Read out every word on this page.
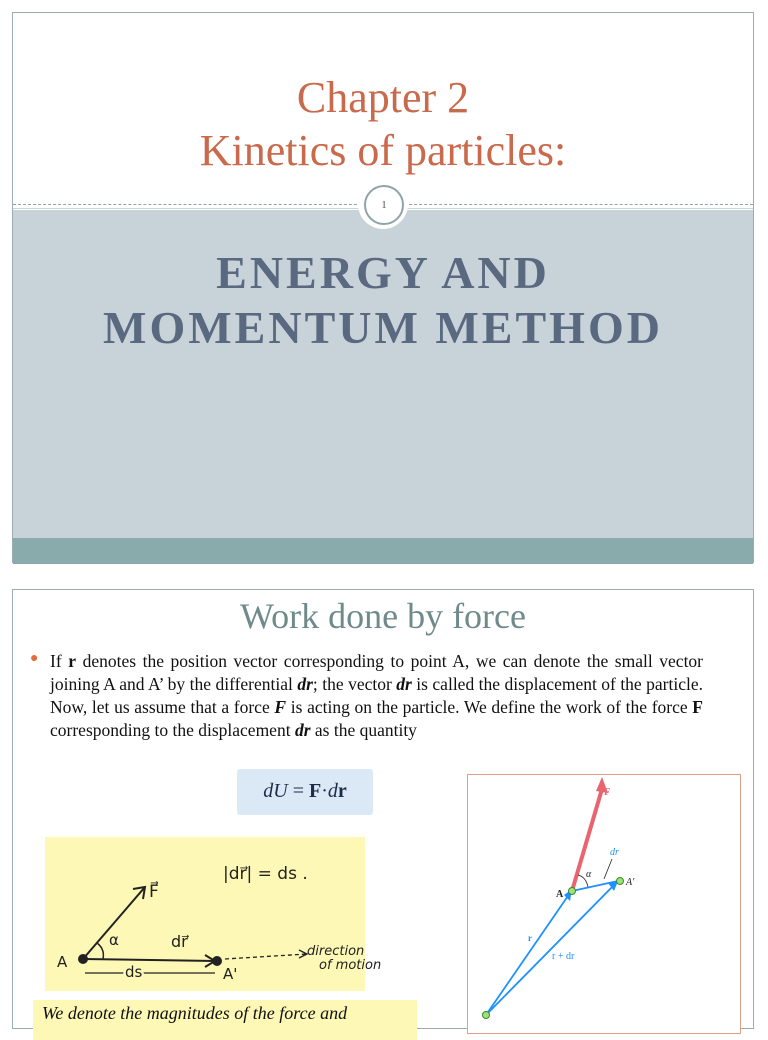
Chapter 2
Kinetics of particles:
ENERGY AND
MOMENTUM METHOD
1
Work done by force
● If r denotes the position vector corresponding to point A, we can denote the small vector joining A and A’ by the differential dr; the vector dr is called the displacement of the particle. Now, let us assume that a force F is acting on the particle. We define the work of the force F corresponding to the displacement dr as the quantity
dU = F·dr
|dr⃗| = ds .
F⃗
α	dr⃗
A
A'
ds
direction
of motion
F
r
r + dr
dr
α
A
A′
We denote the magnitudes of the force and
